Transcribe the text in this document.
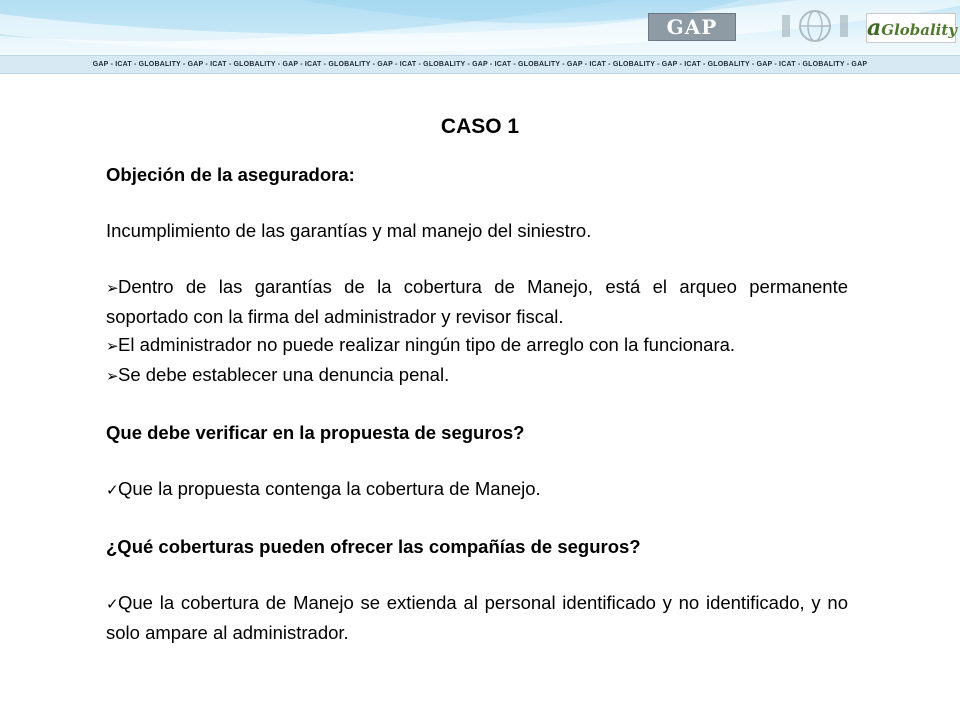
GAP	aGlobality
GAP - ICAT - GLOBALITY - GAP - ICAT - GLOBALITY - GAP - ICAT - GLOBALITY - GAP - ICAT - GLOBALITY - GAP - ICAT - GLOBALITY - GAP - ICAT - GLOBALITY - GAP - ICAT - GLOBALITY - GAP - ICAT - GLOBALITY - GAP
CASO 1

Objeción de la aseguradora:

Incumplimiento de las garantías y mal manejo del siniestro.

➢Dentro de las garantías de la cobertura de Manejo, está el arqueo permanente soportado con la firma del administrador y revisor fiscal.

➢El administrador no puede realizar ningún tipo de arreglo con la funcionara.

➢Se debe establecer una denuncia penal.

Que debe verificar en la propuesta de seguros?

✓Que la propuesta contenga la cobertura de Manejo.

¿Qué coberturas pueden ofrecer las compañías de seguros?

✓Que la cobertura de Manejo se extienda al personal identificado y no identificado, y no solo ampare al administrador.
